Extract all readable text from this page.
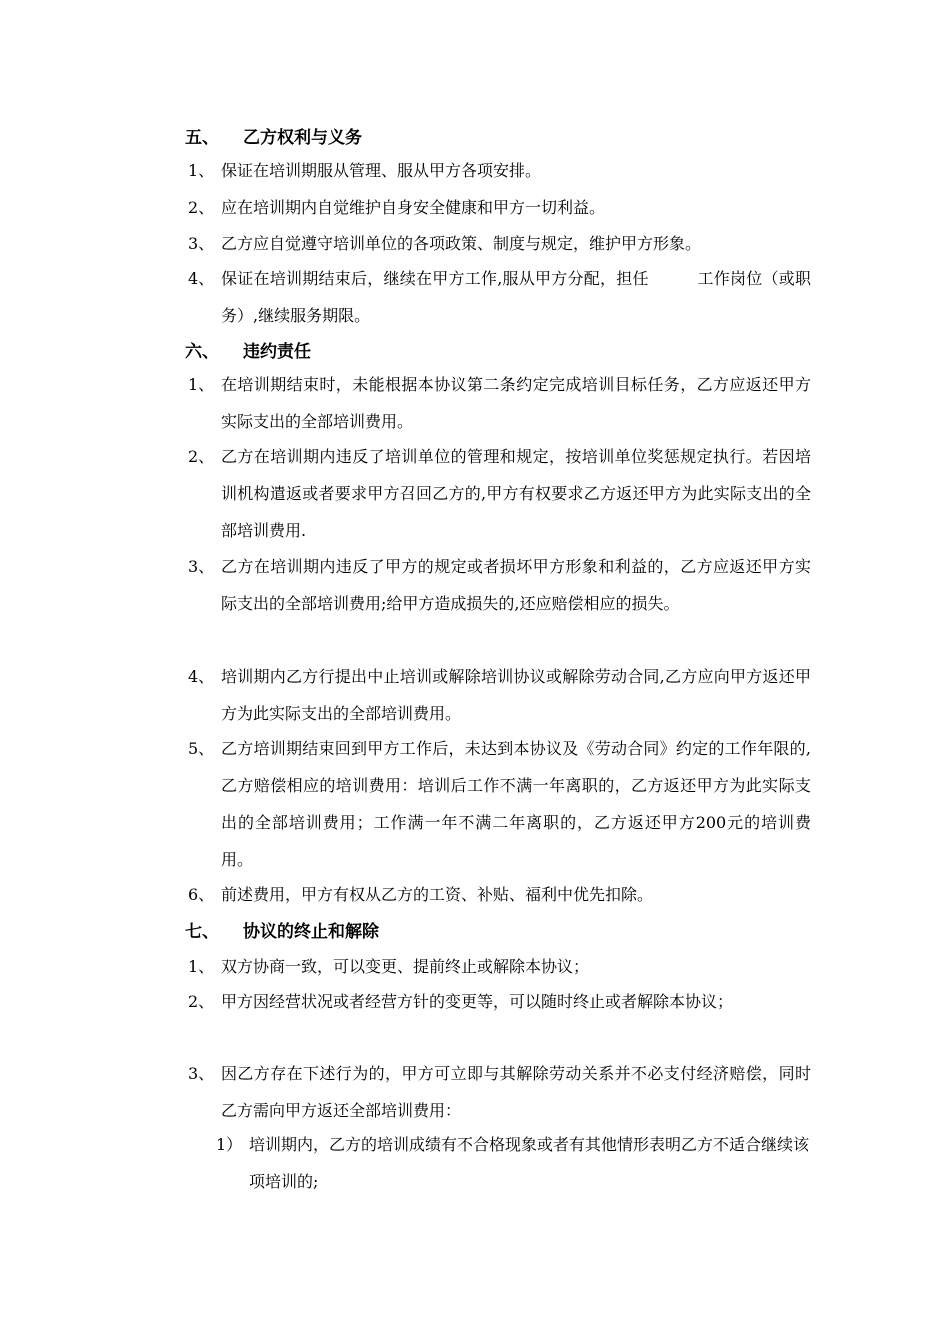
五、 乙方权利与义务
1、 保证在培训期服从管理、服从甲方各项安排。
2、 应在培训期内自觉维护自身安全健康和甲方一切利益。
3、 乙方应自觉遵守培训单位的各项政策、制度与规定，维护甲方形象。
4、 保证在培训期结束后，继续在甲方工作,服从甲方分配，担任　　　工作岗位（或职务）,继续服务期限。
六、 违约责任
1、 在培训期结束时，未能根据本协议第二条约定完成培训目标任务，乙方应返还甲方实际支出的全部培训费用。
2、 乙方在培训期内违反了培训单位的管理和规定，按培训单位奖惩规定执行。若因培训机构遣返或者要求甲方召回乙方的,甲方有权要求乙方返还甲方为此实际支出的全部培训费用.
3、 乙方在培训期内违反了甲方的规定或者损坏甲方形象和利益的，乙方应返还甲方实际支出的全部培训费用;给甲方造成损失的,还应赔偿相应的损失。
4、 培训期内乙方行提出中止培训或解除培训协议或解除劳动合同,乙方应向甲方返还甲方为此实际支出的全部培训费用。
5、 乙方培训期结束回到甲方工作后，未达到本协议及《劳动合同》约定的工作年限的,乙方赔偿相应的培训费用：培训后工作不满一年离职的，乙方返还甲方为此实际支出的全部培训费用；工作满一年不满二年离职的，乙方返还甲方200元的培训费用。
6、 前述费用，甲方有权从乙方的工资、补贴、福利中优先扣除。
七、 协议的终止和解除
1、 双方协商一致，可以变更、提前终止或解除本协议；
2、 甲方因经营状况或者经营方针的变更等，可以随时终止或者解除本协议；
3、 因乙方存在下述行为的，甲方可立即与其解除劳动关系并不必支付经济赔偿，同时乙方需向甲方返还全部培训费用：
1） 培训期内，乙方的培训成绩有不合格现象或者有其他情形表明乙方不适合继续该项培训的;
